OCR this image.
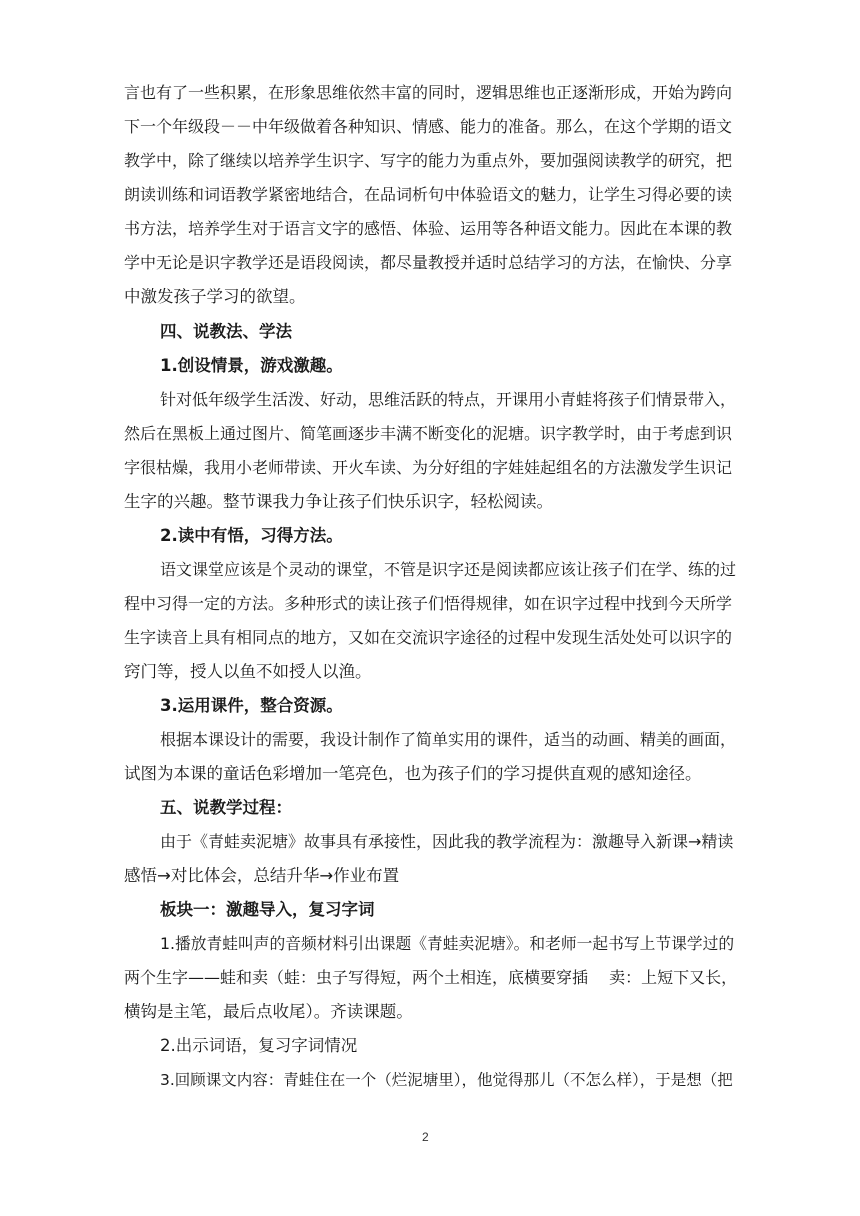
言也有了一些积累，在形象思维依然丰富的同时，逻辑思维也正逐渐形成，开始为跨向
下一个年级段－－中年级做着各种知识、情感、能力的准备。那么，在这个学期的语文
教学中，除了继续以培养学生识字、写字的能力为重点外，要加强阅读教学的研究，把
朗读训练和词语教学紧密地结合，在品词析句中体验语文的魅力，让学生习得必要的读
书方法，培养学生对于语言文字的感悟、体验、运用等各种语文能力。因此在本课的教
学中无论是识字教学还是语段阅读，都尽量教授并适时总结学习的方法，在愉快、分享
中激发孩子学习的欲望。
四、说教法、学法
1.创设情景，游戏激趣。
针对低年级学生活泼、好动，思维活跃的特点，开课用小青蛙将孩子们情景带入，
然后在黑板上通过图片、简笔画逐步丰满不断变化的泥塘。识字教学时，由于考虑到识
字很枯燥，我用小老师带读、开火车读、为分好组的字娃娃起组名的方法激发学生识记
生字的兴趣。整节课我力争让孩子们快乐识字，轻松阅读。
2.读中有悟，习得方法。
语文课堂应该是个灵动的课堂，不管是识字还是阅读都应该让孩子们在学、练的过
程中习得一定的方法。多种形式的读让孩子们悟得规律，如在识字过程中找到今天所学
生字读音上具有相同点的地方，又如在交流识字途径的过程中发现生活处处可以识字的
窍门等，授人以鱼不如授人以渔。
3.运用课件，整合资源。
根据本课设计的需要，我设计制作了简单实用的课件，适当的动画、精美的画面，
试图为本课的童话色彩增加一笔亮色，也为孩子们的学习提供直观的感知途径。
五、说教学过程：
由于《青蛙卖泥塘》故事具有承接性，因此我的教学流程为：激趣导入新课→精读
感悟→对比体会，总结升华→作业布置
板块一：激趣导入，复习字词
1.播放青蛙叫声的音频材料引出课题《青蛙卖泥塘》。和老师一起书写上节课学过的
两个生字——蛙和卖（蛙：虫子写得短，两个土相连，底横要穿插　 卖：上短下又长，
横钩是主笔，最后点收尾）。齐读课题。
2.出示词语，复习字词情况
3.回顾课文内容：青蛙住在一个（烂泥塘里），他觉得那儿（不怎么样），于是想（把
2
